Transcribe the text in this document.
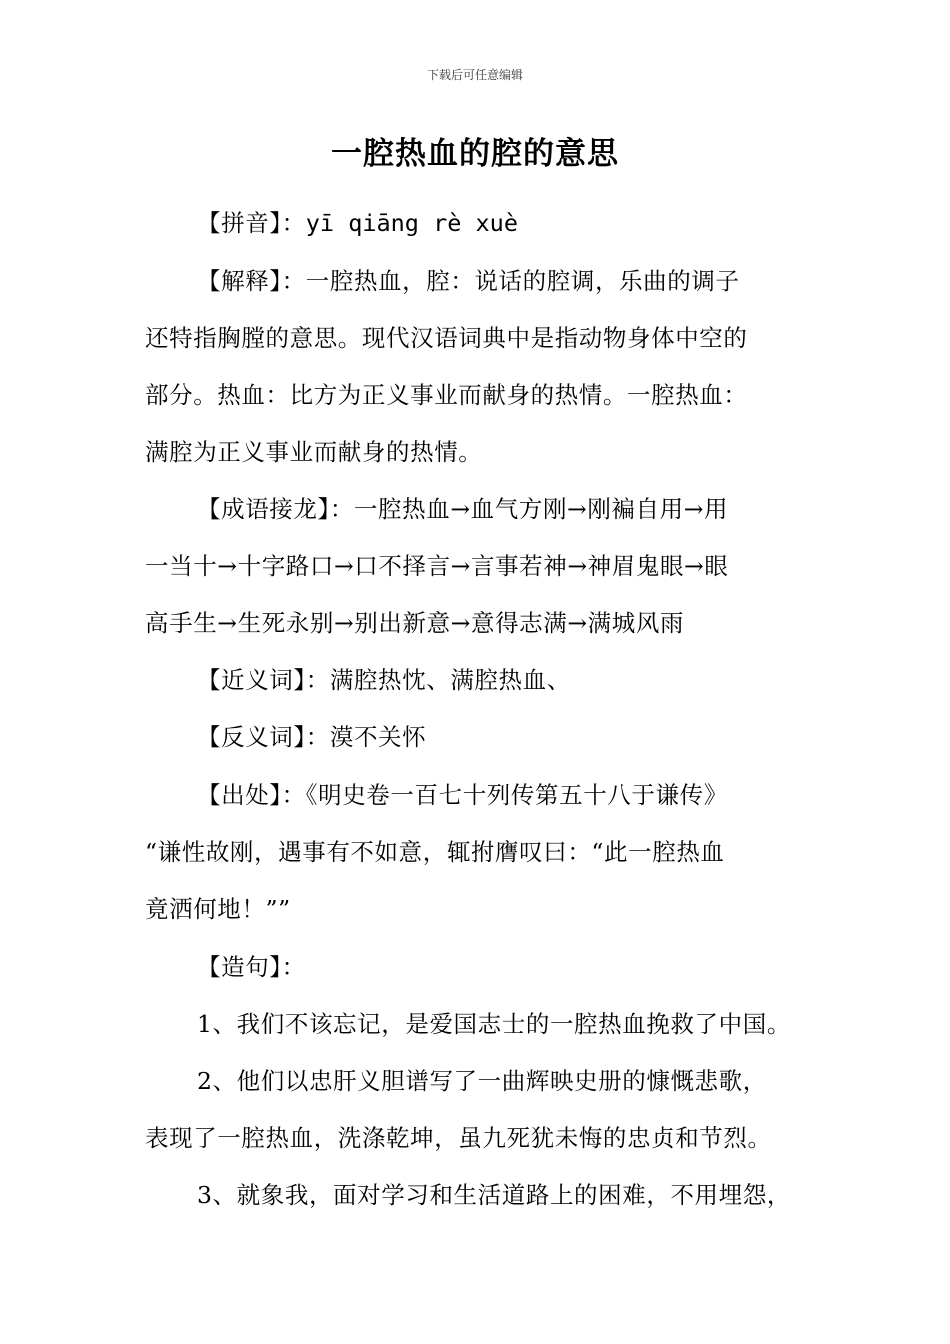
下载后可任意编辑
一腔热血的腔的意思
【拼音】：yī qiāng rè xuè
【解释】：一腔热血，腔：说话的腔调，乐曲的调子
还特指胸膛的意思。现代汉语词典中是指动物身体中空的
部分。热血：比方为正义事业而献身的热情。一腔热血：
满腔为正义事业而献身的热情。
【成语接龙】：一腔热血→血气方刚→刚褊自用→用
一当十→十字路口→口不择言→言事若神→神眉鬼眼→眼
高手生→生死永别→别出新意→意得志满→满城风雨
【近义词】：满腔热忱、满腔热血、
【反义词】：漠不关怀
【出处】：《明史卷一百七十列传第五十八于谦传》
“谦性故刚，遇事有不如意，辄拊膺叹曰：“此一腔热血
竟洒何地！””
【造句】：
1、我们不该忘记，是爱国志士的一腔热血挽救了中国。
2、他们以忠肝义胆谱写了一曲辉映史册的慷慨悲歌，
表现了一腔热血，洗涤乾坤，虽九死犹未悔的忠贞和节烈。
3、就象我，面对学习和生活道路上的困难，不用埋怨，
